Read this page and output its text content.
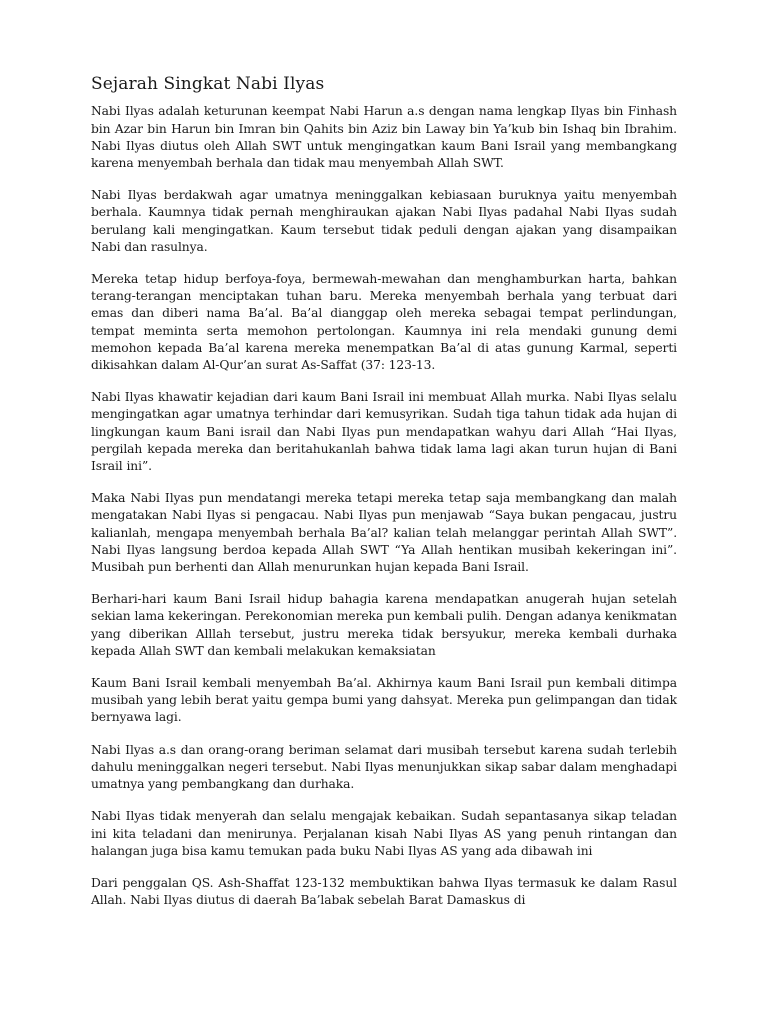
Sejarah Singkat Nabi Ilyas

Nabi Ilyas adalah keturunan keempat Nabi Harun a.s dengan nama lengkap Ilyas bin Finhash bin Azar bin Harun bin Imran bin Qahits bin Aziz bin Laway bin Ya’kub bin Ishaq bin Ibrahim. Nabi Ilyas diutus oleh Allah SWT untuk mengingatkan kaum Bani Israil yang membangkang karena menyembah berhala dan tidak mau menyembah Allah SWT.

Nabi Ilyas berdakwah agar umatnya meninggalkan kebiasaan buruknya yaitu menyembah berhala. Kaumnya tidak pernah menghiraukan ajakan Nabi Ilyas padahal Nabi Ilyas sudah berulang kali mengingatkan. Kaum tersebut tidak peduli dengan ajakan yang disampaikan Nabi dan rasulnya.

Mereka tetap hidup berfoya-foya, bermewah-mewahan dan menghamburkan harta, bahkan terang-terangan menciptakan tuhan baru. Mereka menyembah berhala yang terbuat dari emas dan diberi nama Ba’al. Ba’al dianggap oleh mereka sebagai tempat perlindungan, tempat meminta serta memohon pertolongan. Kaumnya ini rela mendaki gunung demi memohon kepada Ba’al karena mereka menempatkan Ba’al di atas gunung Karmal, seperti dikisahkan dalam Al-Qur’an surat As-Saffat (37: 123-13.

Nabi Ilyas khawatir kejadian dari kaum Bani Israil ini membuat Allah murka. Nabi Ilyas selalu mengingatkan agar umatnya terhindar dari kemusyrikan. Sudah tiga tahun tidak ada hujan di lingkungan kaum Bani israil dan Nabi Ilyas pun mendapatkan wahyu dari Allah “Hai Ilyas, pergilah kepada mereka dan beritahukanlah bahwa tidak lama lagi akan turun hujan di Bani Israil ini”.

Maka Nabi Ilyas pun mendatangi mereka tetapi mereka tetap saja membangkang dan malah mengatakan Nabi Ilyas si pengacau. Nabi Ilyas pun menjawab “Saya bukan pengacau, justru kalianlah, mengapa menyembah berhala Ba’al? kalian telah melanggar perintah Allah SWT”. Nabi Ilyas langsung berdoa kepada Allah SWT “Ya Allah hentikan musibah kekeringan ini”. Musibah pun berhenti dan Allah menurunkan hujan kepada Bani Israil.

Berhari-hari kaum Bani Israil hidup bahagia karena mendapatkan anugerah hujan setelah sekian lama kekeringan. Perekonomian mereka pun kembali pulih. Dengan adanya kenikmatan yang diberikan Alllah tersebut, justru mereka tidak bersyukur, mereka kembali durhaka kepada Allah SWT dan kembali melakukan kemaksiatan

Kaum Bani Israil kembali menyembah Ba’al. Akhirnya kaum Bani Israil pun kembali ditimpa musibah yang lebih berat yaitu gempa bumi yang dahsyat. Mereka pun gelimpangan dan tidak bernyawa lagi.

Nabi Ilyas a.s dan orang-orang beriman selamat dari musibah tersebut karena sudah terlebih dahulu meninggalkan negeri tersebut. Nabi Ilyas menunjukkan sikap sabar dalam menghadapi umatnya yang pembangkang dan durhaka.

Nabi Ilyas tidak menyerah dan selalu mengajak kebaikan. Sudah sepantasanya sikap teladan ini kita teladani dan menirunya. Perjalanan kisah Nabi Ilyas AS yang penuh rintangan dan halangan juga bisa kamu temukan pada buku Nabi Ilyas AS yang ada dibawah ini

Dari penggalan QS. Ash-Shaffat 123-132 membuktikan bahwa Ilyas termasuk ke dalam Rasul Allah. Nabi Ilyas diutus di daerah Ba’labak sebelah Barat Damaskus di
